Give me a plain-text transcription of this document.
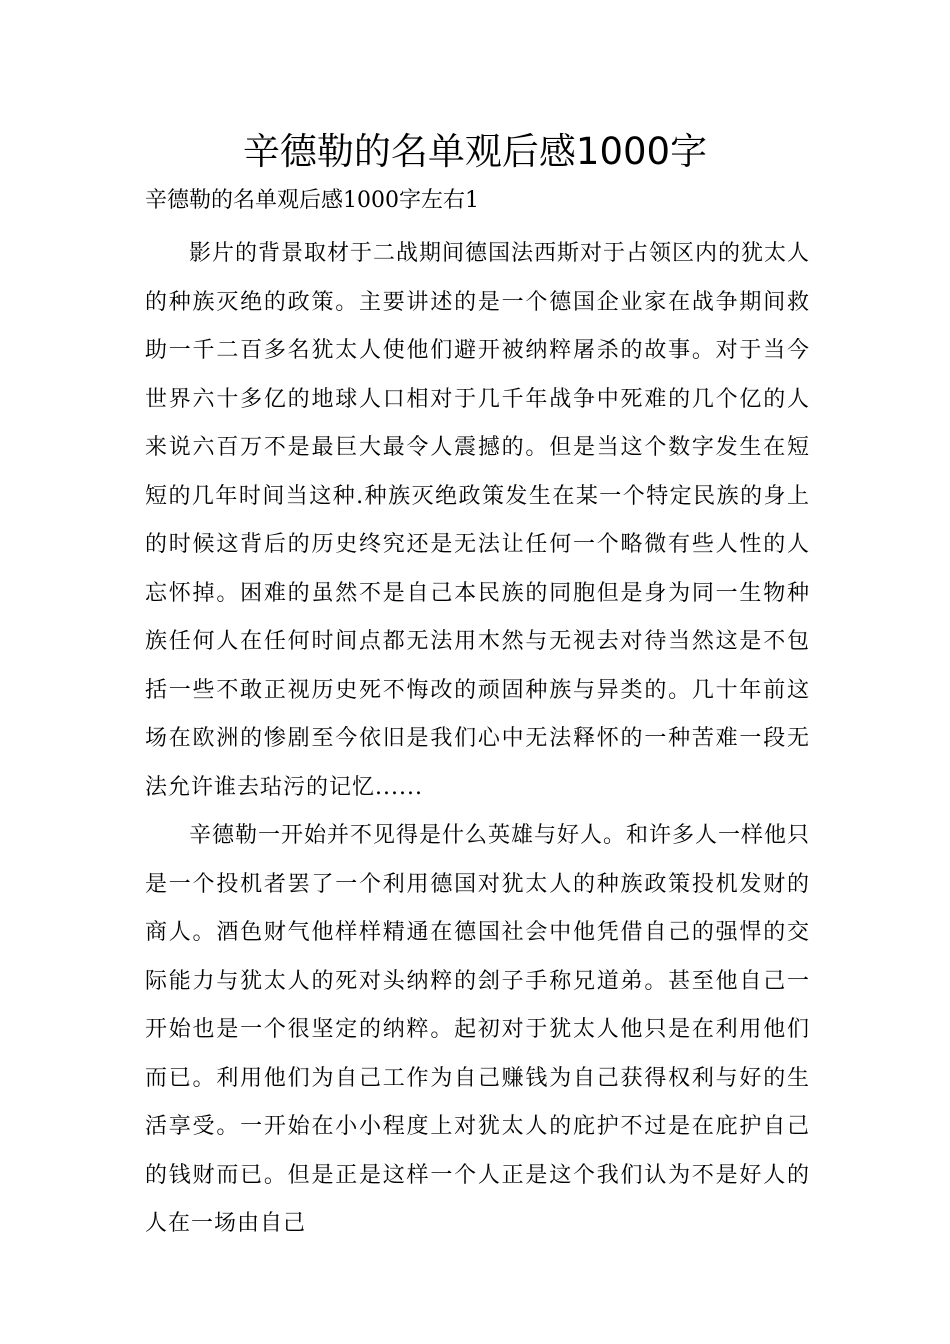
辛德勒的名单观后感1000字

辛德勒的名单观后感1000字左右1

影片的背景取材于二战期间德国法西斯对于占领区内的犹太人的种族灭绝的政策。主要讲述的是一个德国企业家在战争期间救助一千二百多名犹太人使他们避开被纳粹屠杀的故事。对于当今世界六十多亿的地球人口相对于几千年战争中死难的几个亿的人来说六百万不是最巨大最令人震撼的。但是当这个数字发生在短短的几年时间当这种.种族灭绝政策发生在某一个特定民族的身上的时候这背后的历史终究还是无法让任何一个略微有些人性的人忘怀掉。困难的虽然不是自己本民族的同胞但是身为同一生物种族任何人在任何时间点都无法用木然与无视去对待当然这是不包括一些不敢正视历史死不悔改的顽固种族与异类的。几十年前这场在欧洲的惨剧至今依旧是我们心中无法释怀的一种苦难一段无法允许谁去玷污的记忆......

辛德勒一开始并不见得是什么英雄与好人。和许多人一样他只是一个投机者罢了一个利用德国对犹太人的种族政策投机发财的商人。酒色财气他样样精通在德国社会中他凭借自己的强悍的交际能力与犹太人的死对头纳粹的刽子手称兄道弟。甚至他自己一开始也是一个很坚定的纳粹。起初对于犹太人他只是在利用他们而已。利用他们为自己工作为自己赚钱为自己获得权利与好的生活享受。一开始在小小程度上对犹太人的庇护不过是在庇护自己的钱财而已。但是正是这样一个人正是这个我们认为不是好人的人在一场由自己
